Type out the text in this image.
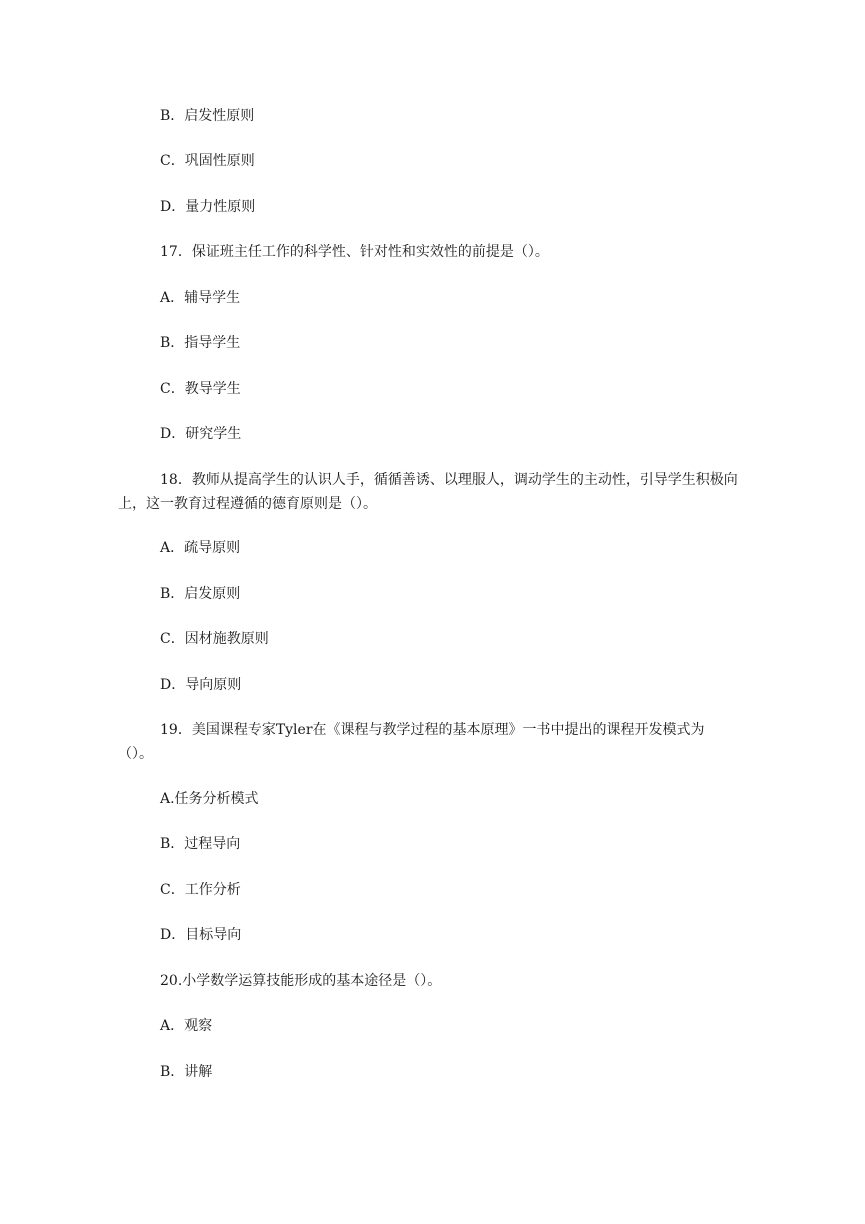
B．启发性原则
C．巩固性原则
D．量力性原则
17．保证班主任工作的科学性、针对性和实效性的前提是（）。
A．辅导学生
B．指导学生
C．教导学生
D．研究学生
18．教师从提高学生的认识人手，循循善诱、以理服人，调动学生的主动性，引导学生积极向上，这一教育过程遵循的德育原则是（）。
A．疏导原则
B．启发原则
C．因材施教原则
D．导向原则
19．美国课程专家Tyler在《课程与教学过程的基本原理》一书中提出的课程开发模式为（）。
A.任务分析模式
B．过程导向
C．工作分析
D．目标导向
20.小学数学运算技能形成的基本途径是（）。
A．观察
B．讲解
